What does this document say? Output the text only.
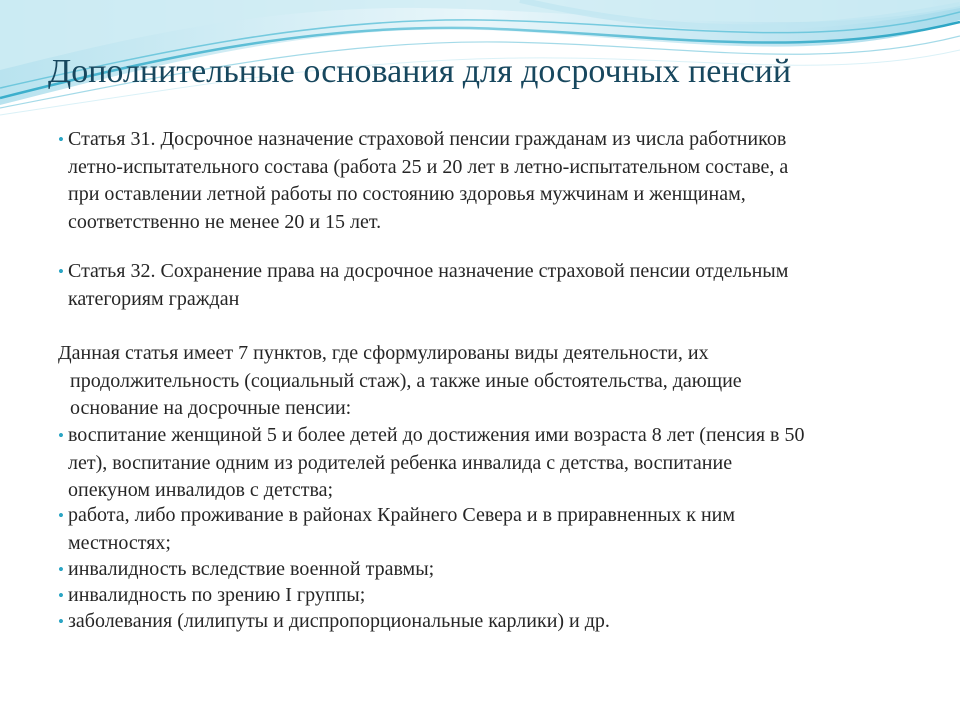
Дополнительные основания для досрочных пенсий
• Статья 31. Досрочное назначение страховой пенсии гражданам из числа работников
летно-испытательного состава (работа 25 и 20 лет в летно-испытательном составе, а
при оставлении летной работы по состоянию здоровья мужчинам и женщинам,
соответственно не менее 20 и 15 лет.
• Статья 32. Сохранение права на досрочное назначение страховой пенсии отдельным
категориям граждан
Данная статья имеет 7 пунктов, где сформулированы виды деятельности, их
продолжительность (социальный стаж), а также иные обстоятельства, дающие
основание на досрочные пенсии:
• воспитание женщиной 5 и более детей до достижения ими возраста 8 лет (пенсия в 50
лет), воспитание одним из родителей ребенка инвалида с детства, воспитание
опекуном инвалидов с детства;
• работа, либо проживание в районах Крайнего Севера и в приравненных к ним
местностях;
• инвалидность вследствие военной травмы;
• инвалидность по зрению I группы;
• заболевания (лилипуты и диспропорциональные карлики) и др.
